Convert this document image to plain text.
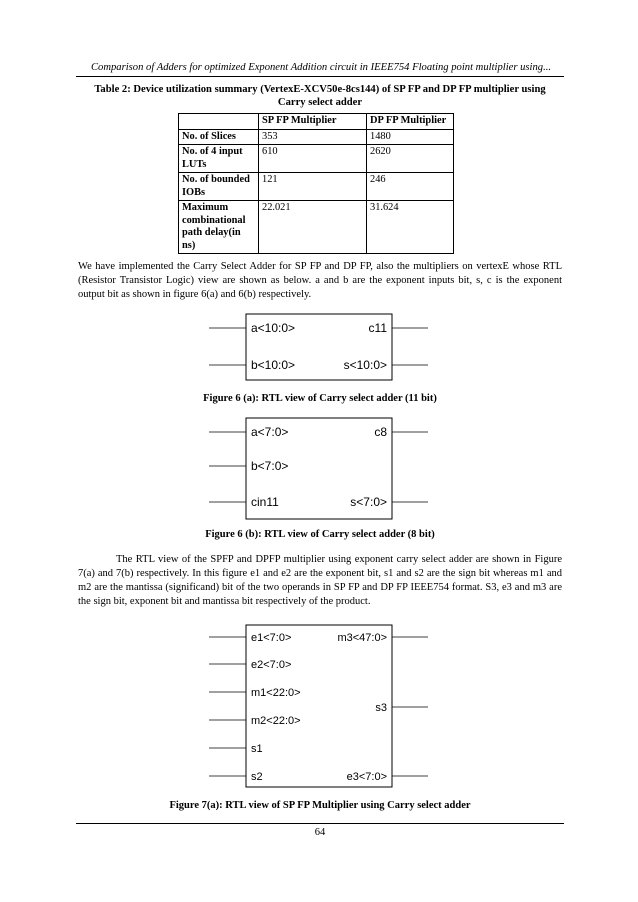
Comparison of Adders for optimized Exponent Addition circuit in IEEE754 Floating point multiplier using...
Table 2: Device utilization summary (VertexE-XCV50e-8cs144) of SP FP and DP FP multiplier using Carry select adder
	SP FP Multiplier	DP FP Multiplier
No. of Slices	353	1480
No. of 4 input LUTs	610	2620
No. of bounded IOBs	121	246
Maximum combinational path delay(in ns)	22.021	31.624

We have implemented the Carry Select Adder for SP FP and DP FP, also the multipliers on vertexE whose RTL (Resistor Transistor Logic) view are shown as below. a and b are the exponent inputs bit, s, c is the exponent output bit as shown in figure 6(a) and 6(b) respectively.

a<10:0>
b<10:0>
c11
s<10:0>
a<7:0>
b<7:0>
cin11
c8
s<7:0>
e1<7:0>
e2<7:0>
m1<22:0>
m2<22:0>
s1
s2
m3<47:0>
s3
e3<7:0>
Figure 6 (a): RTL view of Carry select adder (11 bit)
Figure 6 (b): RTL view of Carry select adder (8 bit)

The RTL view of the SPFP and DPFP multiplier using exponent carry select adder are shown in Figure 7(a) and 7(b) respectively. In this figure e1 and e2 are the exponent bit, s1 and s2 are the sign bit whereas m1 and m2 are the mantissa (significand) bit of the two operands in SP FP and DP FP IEEE754 format. S3, e3 and m3 are the sign bit, exponent bit and mantissa bit respectively of the product.

Figure 7(a): RTL view of SP FP Multiplier using Carry select adder
64
